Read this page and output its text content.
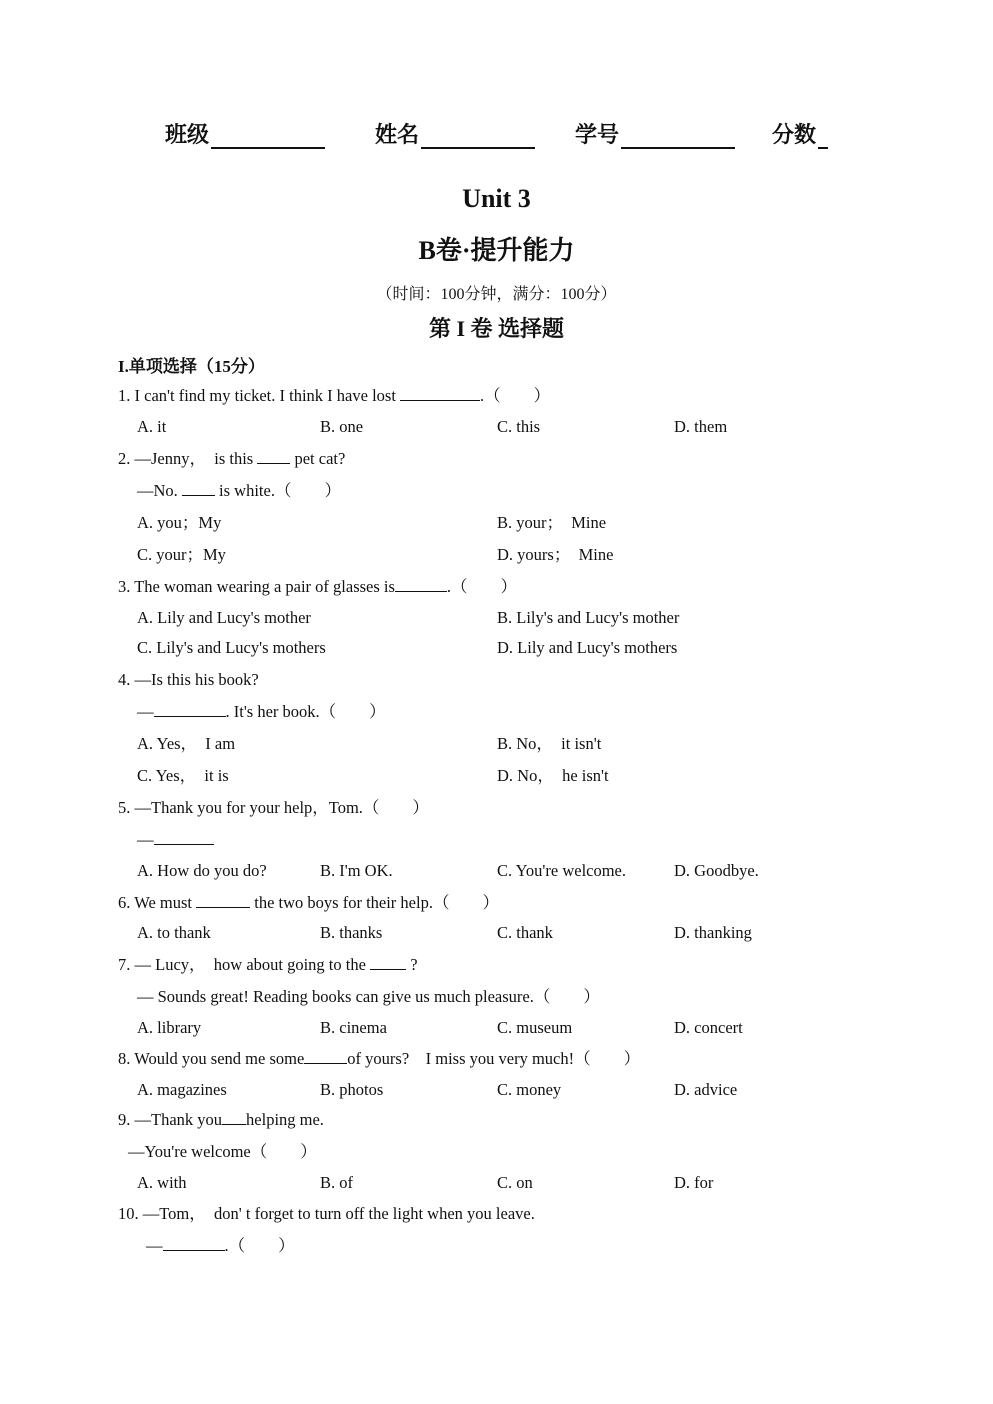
班级	姓名	学号	分数
Unit 3
B卷·提升能力
（时间：100分钟，满分：100分）
第 I 卷 选择题
I.单项选择（15分）
1. I can't find my ticket. I think I have lost	.（　　）
A. it	B. one	C. this	D. them
2. —Jenny，　is this  pet cat?
—No.  is white.（　　）
A. you；My	B. your；　Mine
C. your；My	D. yours；　Mine
3. The woman wearing a pair of glasses is	.（　　）
A. Lily and Lucy's mother	B. Lily's and Lucy's mother
C. Lily's and Lucy's mothers	D. Lily and Lucy's mothers
4. —Is this his book?
—	. It's her book.（　　）
A. Yes，　I am	B. No，　it isn't
C. Yes，　it is	D. No，　he isn't
5. —Thank you for your help，Tom.（　　）
—
A. How do you do?	B. I'm OK.	C. You're welcome.	D. Goodbye.
6. We must	the two boys for their help.（　　）
A. to thank	B. thanks	C. thank	D. thanking
7. — Lucy，　how about going to the  ?
— Sounds great! Reading books can give us much pleasure.（　　）
A. library	B. cinema	C. museum	D. concert
8. Would you send me some	of yours?　I miss you very much!（　　）
A. magazines	B. photos	C. money	D. advice
9. —Thank you helping me.
—You're welcome（　　）
A. with	B. of	C. on	D. for
10. —Tom，　don' t forget to turn off the light when you leave.
—	.（　　）
